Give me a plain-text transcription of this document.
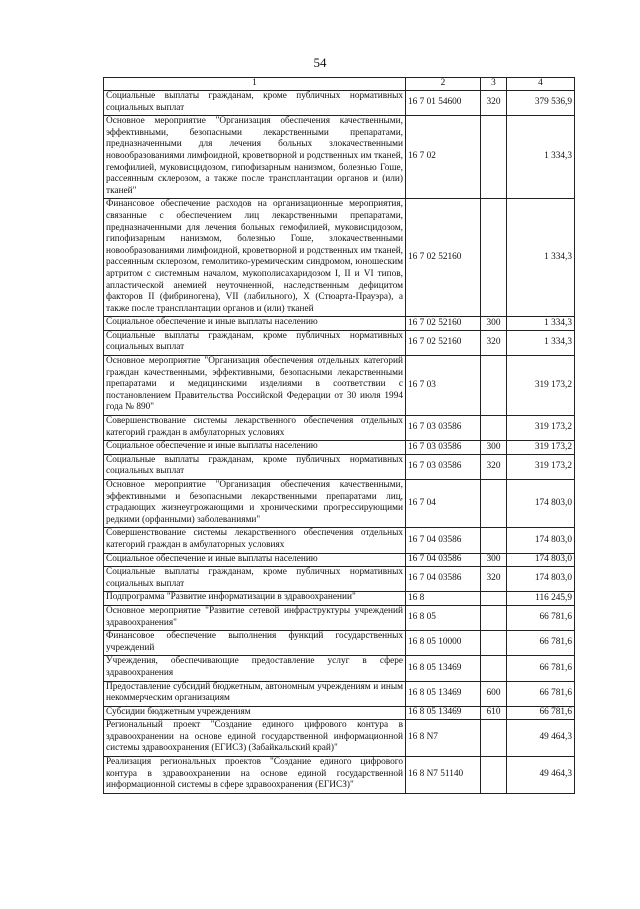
54
1	2	3	4
Социальные выплаты гражданам, кроме публичных нормативных социальных выплат	16 7 01 54600	320	379 536,9
Основное мероприятие "Организация обеспечения качественными, эффективными, безопасными лекарственными препаратами, предназначенными для лечения больных злокачественными новообразованиями лимфоидной, кроветворной и родственных им тканей, гемофилией, муковисцидозом, гипофизарным нанизмом, болезнью Гоше, рассеянным склерозом, а также после трансплантации органов и (или) тканей"	16 7 02		1 334,3
Финансовое обеспечение расходов на организационные мероприятия, связанные с обеспечением лиц лекарственными препаратами, предназначенными для лечения больных гемофилией, муковисцидозом, гипофизарным нанизмом, болезнью Гоше, злокачественными новообразованиями лимфоидной, кроветворной и родственных им тканей, рассеянным склерозом, гемолитико-уремическим синдромом, юношеским артритом с системным началом, мукополисахаридозом I, II и VI типов, апластической анемией неуточненной, наследственным дефицитом факторов II (фибриногена), VII (лабильного), X (Стюарта-Прауэра), а также после трансплантации органов и (или) тканей	16 7 02 52160		1 334,3
Социальное обеспечение и иные выплаты населению	16 7 02 52160	300	1 334,3
Социальные выплаты гражданам, кроме публичных нормативных социальных выплат	16 7 02 52160	320	1 334,3
Основное мероприятие "Организация обеспечения отдельных категорий граждан качественными, эффективными, безопасными лекарственными препаратами и медицинскими изделиями в соответствии с постановлением Правительства Российской Федерации от 30 июля 1994 года № 890"	16 7 03		319 173,2
Совершенствование системы лекарственного обеспечения отдельных категорий граждан в амбулаторных условиях	16 7 03 03586		319 173,2
Социальное обеспечение и иные выплаты населению	16 7 03 03586	300	319 173,2
Социальные выплаты гражданам, кроме публичных нормативных социальных выплат	16 7 03 03586	320	319 173,2
Основное мероприятие "Организация обеспечения качественными, эффективными и безопасными лекарственными препаратами лиц, страдающих жизнеугрожающими и хроническими прогрессирующими редкими (орфанными) заболеваниями"	16 7 04		174 803,0
Совершенствование системы лекарственного обеспечения отдельных категорий граждан в амбулаторных условиях	16 7 04 03586		174 803,0
Социальное обеспечение и иные выплаты населению	16 7 04 03586	300	174 803,0
Социальные выплаты гражданам, кроме публичных нормативных социальных выплат	16 7 04 03586	320	174 803,0
Подпрограмма "Развитие информатизации в здравоохранении"	16 8		116 245,9
Основное мероприятие "Развитие сетевой инфраструктуры учреждений здравоохранения"	16 8 05		66 781,6
Финансовое обеспечение выполнения функций государственных учреждений	16 8 05 10000		66 781,6
Учреждения, обеспечивающие предоставление услуг в сфере здравоохранения	16 8 05 13469		66 781,6
Предоставление субсидий бюджетным, автономным учреждениям и иным некоммерческим организациям	16 8 05 13469	600	66 781,6
Субсидии бюджетным учреждениям	16 8 05 13469	610	66 781,6
Региональный проект "Создание единого цифрового контура в здравоохранении на основе единой государственной информационной системы здравоохранения (ЕГИСЗ) (Забайкальский край)"	16 8 N7		49 464,3
Реализация региональных проектов "Создание единого цифрового контура в здравоохранении на основе единой государственной информационной системы в сфере здравоохранения (ЕГИСЗ)"	16 8 N7 51140		49 464,3
